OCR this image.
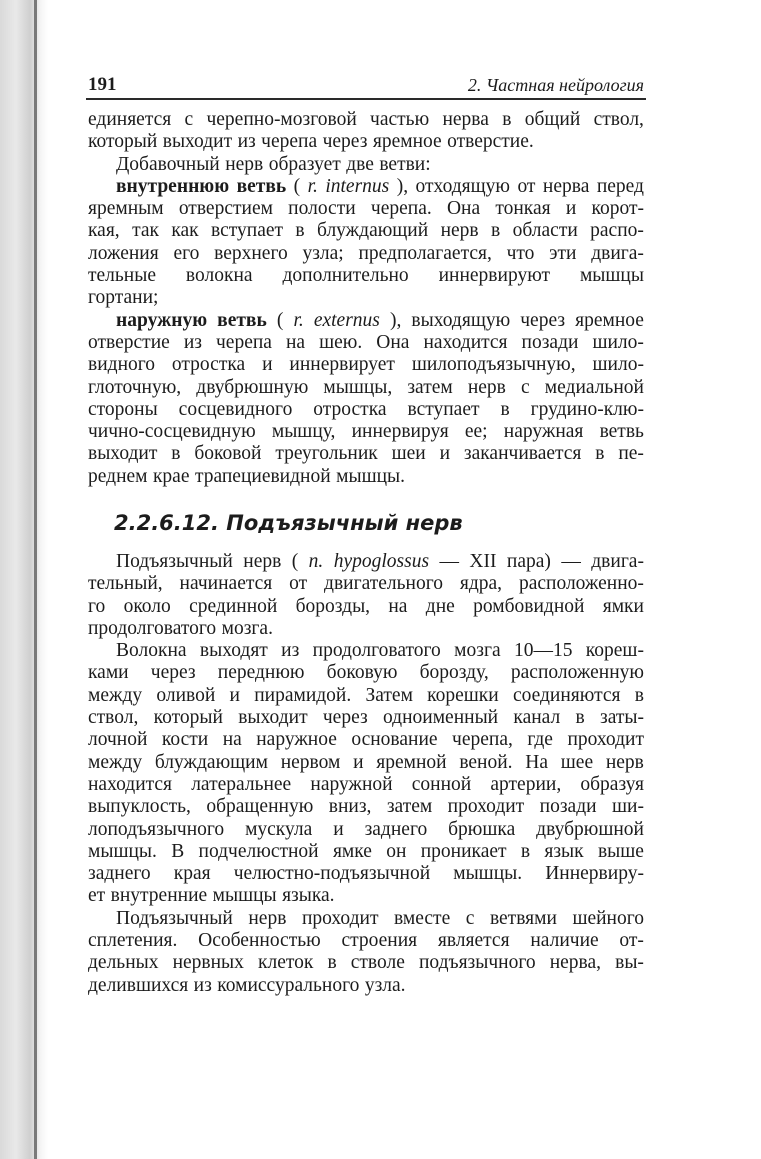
191	2. Частная нейрология
единяется с черепно-мозговой частью нерва в общий ствол,
который выходит из черепа через яремное отверстие.
Добавочный нерв образует две ветви:
внутреннюю ветвь ( r. internus ), отходящую от нерва перед
яремным отверстием полости черепа. Она тонкая и корот-
кая, так как вступает в блуждающий нерв в области распо-
ложения его верхнего узла; предполагается, что эти двига-
тельные волокна дополнительно иннервируют мышцы
гортани;
наружную ветвь ( r. externus ), выходящую через яремное
отверстие из черепа на шею. Она находится позади шило-
видного отростка и иннервирует шилоподъязычную, шило-
глоточную, двубрюшную мышцы, затем нерв с медиальной
стороны сосцевидного отростка вступает в грудино-клю-
чично-сосцевидную мышцу, иннервируя ее; наружная ветвь
выходит в боковой треугольник шеи и заканчивается в пе-
реднем крае трапециевидной мышцы.
2.2.6.12. Подъязычный нерв
Подъязычный нерв ( n. hypoglossus — XII пара) — двига-
тельный, начинается от двигательного ядра, расположенно-
го около срединной борозды, на дне ромбовидной ямки
продолговатого мозга.
Волокна выходят из продолговатого мозга 10—15 кореш-
ками через переднюю боковую борозду, расположенную
между оливой и пирамидой. Затем корешки соединяются в
ствол, который выходит через одноименный канал в заты-
лочной кости на наружное основание черепа, где проходит
между блуждающим нервом и яремной веной. На шее нерв
находится латеральнее наружной сонной артерии, образуя
выпуклость, обращенную вниз, затем проходит позади ши-
лоподъязычного мускула и заднего брюшка двубрюшной
мышцы. В подчелюстной ямке он проникает в язык выше
заднего края челюстно-подъязычной мышцы. Иннервиру-
ет внутренние мышцы языка.
Подъязычный нерв проходит вместе с ветвями шейного
сплетения. Особенностью строения является наличие от-
дельных нервных клеток в стволе подъязычного нерва, вы-
делившихся из комиссурального узла.
